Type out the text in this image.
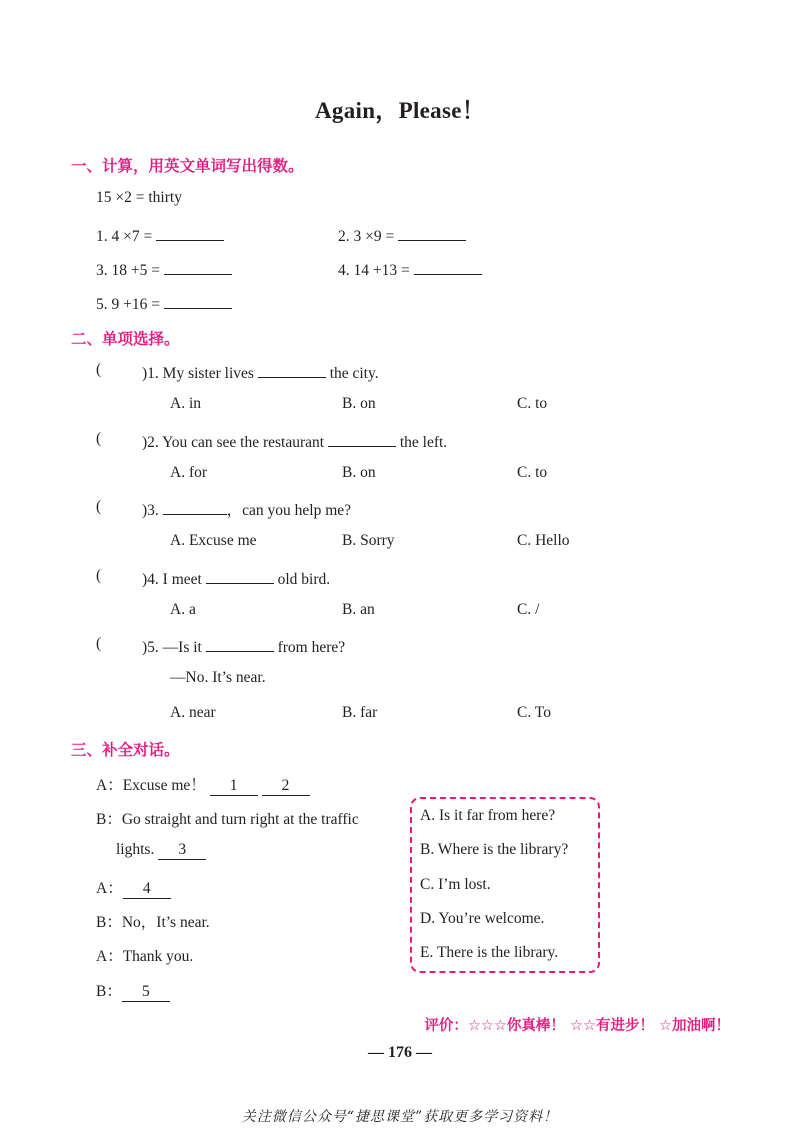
Again，Please！
一、计算，用英文单词写出得数。
15 ×2 = thirty
1. 4 ×7 =	2. 3 ×9 =
3. 18 +5 =	4. 14 +13 =
5. 9 +16 =
二、单项选择。
(	)1. My sister lives	the city.
A. in	B. on	C. to
(	)2. You can see the restaurant	the left.
A. for	B. on	C. to
(	)3.	，can you help me?
A. Excuse me	B. Sorry	C. Hello
(	)4. I meet	old bird.
A. a	B. an	C. /
(	)5. —Is it	from here?
—No. It’s near.
A. near	B. far	C. To
三、补全对话。
A：Excuse me！ 1	2
B：Go straight and turn right at the traffic
lights. 3
A： 4
B：No，It’s near.
A：Thank you.
B： 5
A. Is it far from here?
B. Where is the library?
C. I’m lost.
D. You’re welcome.
E. There is the library.
评价：☆☆☆你真棒！ ☆☆有进步！ ☆加油啊！
— 176 —
关注微信公众号“捷思课堂”获取更多学习资料！
